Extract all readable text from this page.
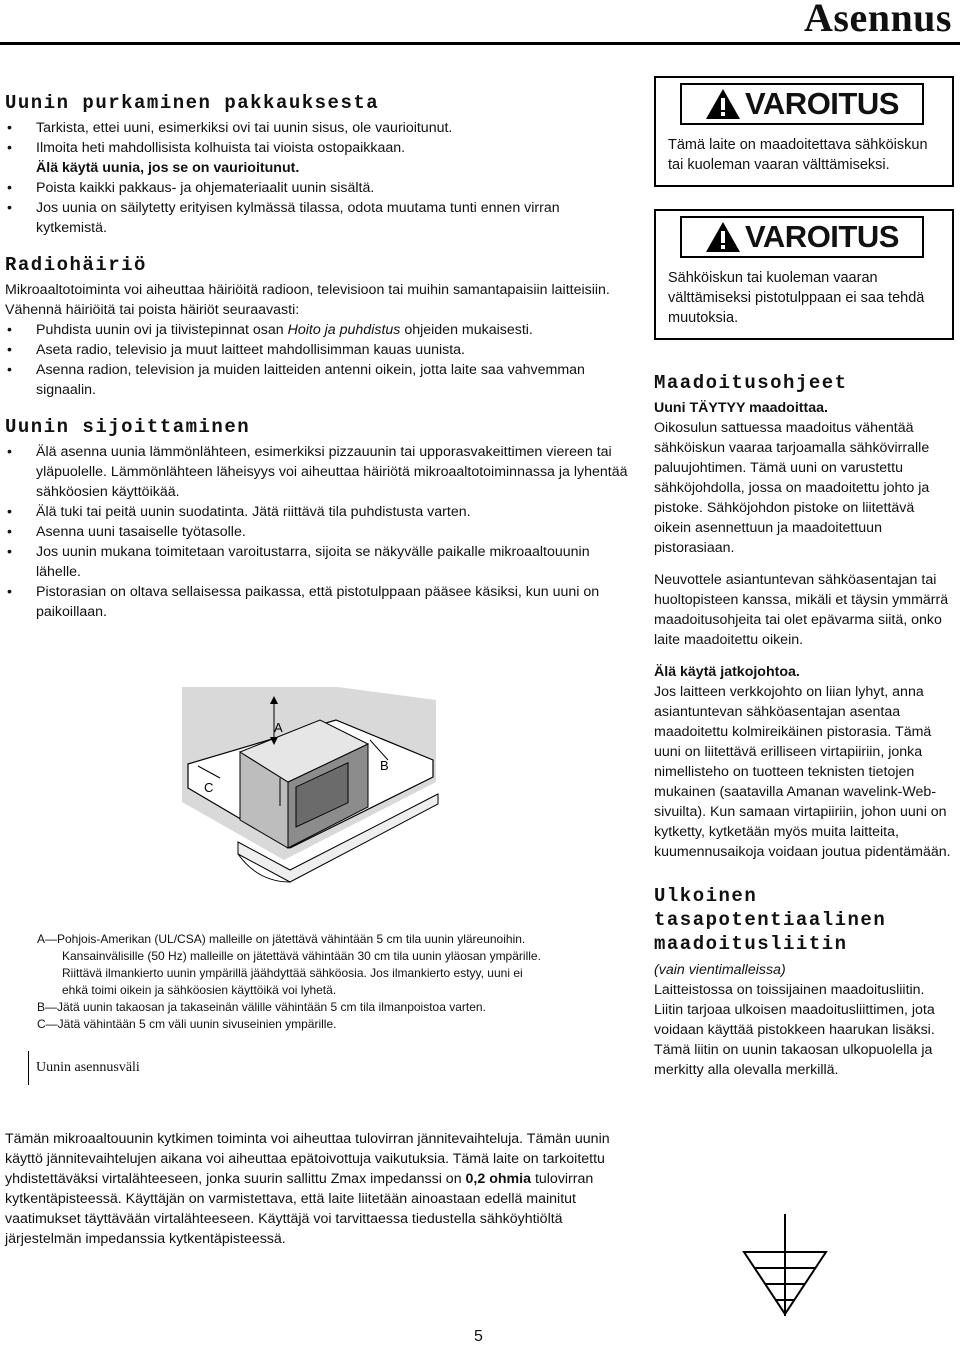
Asennus
Uunin purkaminen pakkauksesta
• Tarkista, ettei uuni, esimerkiksi ovi tai uunin sisus, ole vaurioitunut.
• Ilmoita heti mahdollisista kolhuista tai vioista ostopaikkaan.
Älä käytä uunia, jos se on vaurioitunut.
• Poista kaikki pakkaus- ja ohjemateriaalit uunin sisältä.
• Jos uunia on säilytetty erityisen kylmässä tilassa, odota muutama tunti ennen virran kytkemistä.
Radiohäiriö

Mikroaaltotoiminta voi aiheuttaa häiriöitä radioon, televisioon tai muihin samantapaisiin laitteisiin. Vähennä häiriöitä tai poista häiriöt seuraavasti:

• Puhdista uunin ovi ja tiivistepinnat osan Hoito ja puhdistus ohjeiden mukaisesti.
• Aseta radio, televisio ja muut laitteet mahdollisimman kauas uunista.
• Asenna radion, television ja muiden laitteiden antenni oikein, jotta laite saa vahvemman signaalin.
Uunin sijoittaminen
• Älä asenna uunia lämmönlähteen, esimerkiksi pizzauunin tai upporasvakeittimen viereen tai yläpuolelle. Lämmönlähteen läheisyys voi aiheuttaa häiriötä mikroaaltotoiminnassa ja lyhentää sähköosien käyttöikää.
• Älä tuki tai peitä uunin suodatinta. Jätä riittävä tila puhdistusta varten.
• Asenna uuni tasaiselle työtasolle.
• Jos uunin mukana toimitetaan varoitustarra, sijoita se näkyvälle paikalle mikroaaltouunin lähelle.
• Pistorasian on oltava sellaisessa paikassa, että pistotulppaan pääsee käsiksi, kun uuni on paikoillaan.
A
B
C
A—Pohjois-Amerikan (UL/CSA) malleille on jätettävä vähintään 5 cm tila uunin yläreunoihin.
Kansainvälisille (50 Hz) malleille on jätettävä vähintään 30 cm tila uunin yläosan ympärille.
Riittävä ilmankierto uunin ympärillä jäähdyttää sähköosia. Jos ilmankierto estyy, uuni ei
ehkä toimi oikein ja sähköosien käyttöikä voi lyhetä.
B—Jätä uunin takaosan ja takaseinän välille vähintään 5 cm tila ilmanpoistoa varten.
C—Jätä vähintään 5 cm väli uunin sivuseinien ympärille.
Uunin asennusväli

Tämän mikroaaltouunin kytkimen toiminta voi aiheuttaa tulovirran jännitevaihteluja. Tämän uunin käyttö jännitevaihtelujen aikana voi aiheuttaa epätoivottuja vaikutuksia. Tämä laite on tarkoitettu yhdistettäväksi virtalähteeseen, jonka suurin sallittu Zmax impedanssi on 0,2 ohmia tulovirran kytkentäpisteessä. Käyttäjän on varmistettava, että laite liitetään ainoastaan edellä mainitut vaatimukset täyttävään virtalähteeseen. Käyttäjä voi tarvittaessa tiedustella sähköyhtiöltä järjestelmän impedanssia kytkentäpisteessä.

VAROITUS
Tämä laite on maadoitettava sähköiskun tai kuoleman vaaran välttämiseksi.
VAROITUS
Sähköiskun tai kuoleman vaaran välttämiseksi pistotulppaan ei saa tehdä muutoksia.
Maadoitusohjeet
Uuni TÄYTYY maadoittaa.

Oikosulun sattuessa maadoitus vähentää sähköiskun vaaraa tarjoamalla sähkövirralle paluujohtimen. Tämä uuni on varustettu sähköjohdolla, jossa on maadoitettu johto ja pistoke. Sähköjohdon pistoke on liitettävä oikein asennettuun ja maadoitettuun pistorasiaan.

Neuvottele asiantuntevan sähköasentajan tai huoltopisteen kanssa, mikäli et täysin ymmärrä maadoitusohjeita tai olet epävarma siitä, onko laite maadoitettu oikein.

Älä käytä jatkojohtoa.

Jos laitteen verkkojohto on liian lyhyt, anna asiantuntevan sähköasentajan asentaa maadoitettu kolmireikäinen pistorasia. Tämä uuni on liitettävä erilliseen virtapiiriin, jonka nimellisteho on tuotteen teknisten tietojen mukainen (saatavilla Amanan wavelink-Web-sivuilta). Kun samaan virtapiiriin, johon uuni on kytketty, kytketään myös muita laitteita, kuumennusaikoja voidaan joutua pidentämään.

Ulkoinen tasapotentiaalinen maadoitusliitin
(vain vientimalleissa)

Laitteistossa on toissijainen maadoitusliitin. Liitin tarjoaa ulkoisen maadoitusliittimen, jota voidaan käyttää pistokkeen haarukan lisäksi. Tämä liitin on uunin takaosan ulkopuolella ja merkitty alla olevalla merkillä.

5
